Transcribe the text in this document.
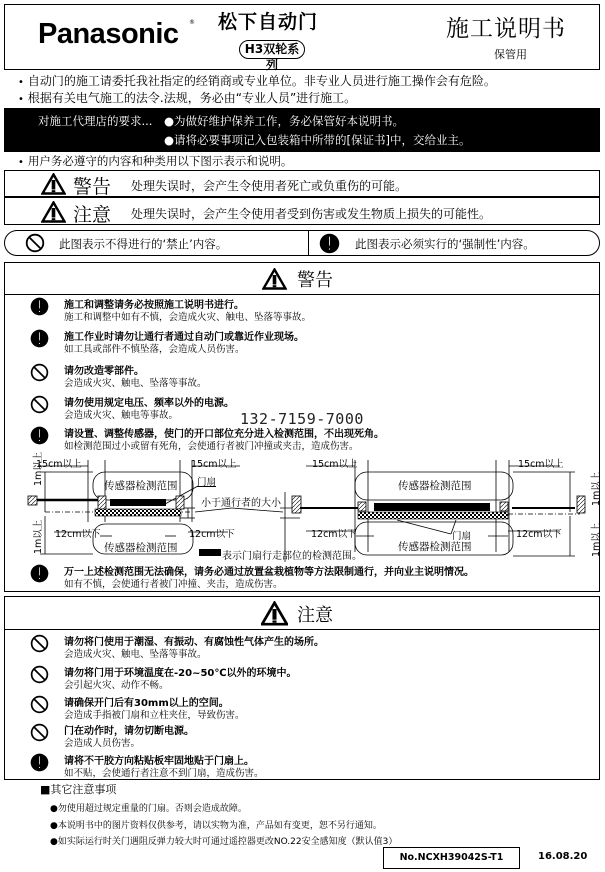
Panasonic ® 松下自动门
H3双轮系列
施工说明书
保管用
• 自动门的施工请委托我社指定的经销商或专业单位。非专业人员进行施工操作会有危险。
• 根据有关电气施工的法令.法规，务必由“专业人员”进行施工。
对施工代理店的要求... ●为做好维护保养工作，务必保管好本说明书。
●请将必要事项记入包装箱中所带的[保证书]中，交给业主。
• 用户务必遵守的内容和种类用以下图示表示和说明。
警告 处理失误时，会产生令使用者死亡或负重伤的可能。
注意 处理失误时，会产生令使用者受到伤害或发生物质上损失的可能性。
此图表示不得进行的‘禁止’内容。	此图表示必须实行的‘强制性’内容。
警告
施工和调整请务必按照施工说明书进行。
施工和调整中如有不慎，会造成火灾、触电、坠落等事故。
施工作业时请勿让通行者通过自动门或靠近作业现场。
如工具或部件不慎坠落，会造成人员伤害。
请勿改造零部件。
会造成火灾、触电、坠落等事故。
请勿使用规定电压、频率以外的电源。
会造成火灾、触电等事故。	132-7159-7000
请设置、调整传感器，使门的开口部位充分进入检测范围，不出现死角。
如检测范围过小或留有死角，会使通行者被门冲撞或夹击，造成伤害。
15cm以上	15cm以上	15cm以上	15cm以上
传感器检测范围
传感器检测范围
传感器检测范围
传感器检测范围
门扇
门扇
小于通行者的大小
12cm以下	12cm以下	12cm以下	12cm以下
1m以上
1m以上
1m以上
1m以上
表示门扇行走部位的检测范围。
万一上述检测范围无法确保，请务必通过放置盆栽植物等方法限制通行，并向业主说明情况。
如有不慎，会使通行者被门冲撞、夹击，造成伤害。
注意
请勿将门使用于潮湿、有振动、有腐蚀性气体产生的场所。
会造成火灾、触电、坠落等事故。
请勿将门用于环境温度在-20~50℃以外的环境中。
会引起火灾、动作不畅。
请确保开门后有30mm以上的空间。
会造成手指被门扇和立柱夹住，导致伤害。
门在动作时，请勿切断电源。
会造成人员伤害。
请将不干胶方向粘贴板牢固地贴于门扇上。
如不贴，会使通行者注意不到门扇，造成伤害。
■其它注意事项
●勿使用超过规定重量的门扇。否则会造成故障。
●本说明书中的图片资料仅供参考，请以实物为准，产品如有变更，恕不另行通知。
●如实际运行时关门遇阻反弹力较大时可通过遥控器更改NO.22安全感知度（默认值3）
No.NCXH39042S-T1	16.08.20
